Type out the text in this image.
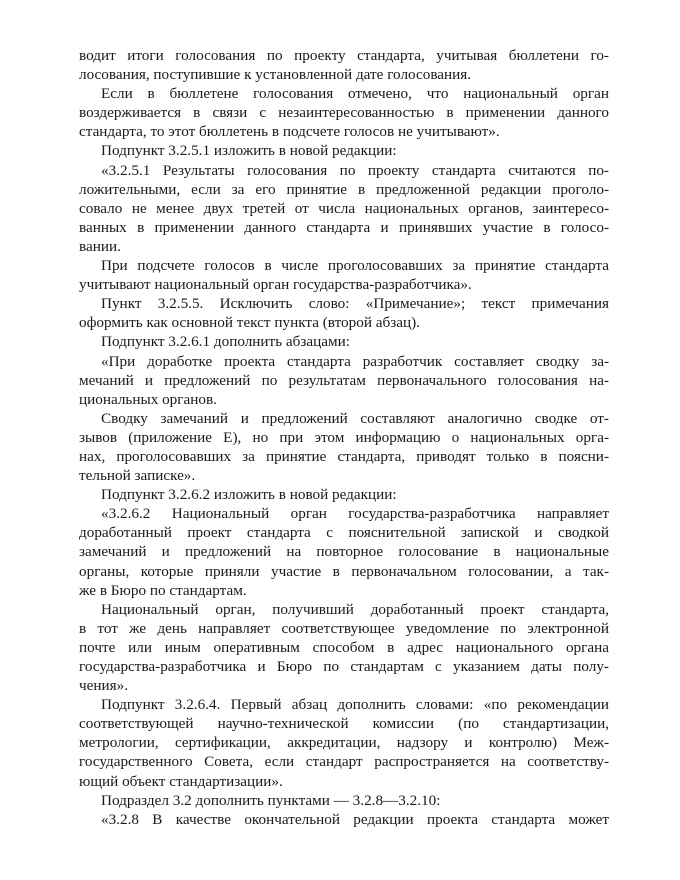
водит итоги голосования по проекту стандарта, учитывая бюллетени го-
лосования, поступившие к установленной дате голосования.
Если в бюллетене голосования отмечено, что национальный орган
воздерживается в связи с незаинтересованностью в применении данного
стандарта, то этот бюллетень в подсчете голосов не учитывают».
Подпункт 3.2.5.1 изложить в новой редакции:
«3.2.5.1 Результаты голосования по проекту стандарта считаются по-
ложительными, если за его принятие в предложенной редакции проголо-
совало не менее двух третей от числа национальных органов, заинтересо-
ванных в применении данного стандарта и принявших участие в голосо-
вании.
При подсчете голосов в числе проголосовавших за принятие стандарта
учитывают национальный орган государства-разработчика».
Пункт 3.2.5.5. Исключить слово: «Примечание»; текст примечания
оформить как основной текст пункта (второй абзац).
Подпункт 3.2.6.1 дополнить абзацами:
«При доработке проекта стандарта разработчик составляет сводку за-
мечаний и предложений по результатам первоначального голосования на-
циональных органов.
Сводку замечаний и предложений составляют аналогично сводке от-
зывов (приложение Е), но при этом информацию о национальных орга-
нах, проголосовавших за принятие стандарта, приводят только в поясни-
тельной записке».
Подпункт 3.2.6.2 изложить в новой редакции:
«3.2.6.2 Национальный орган государства-разработчика направляет
доработанный проект стандарта с пояснительной запиской и сводкой
замечаний и предложений на повторное голосование в национальные
органы, которые приняли участие в первоначальном голосовании, а так-
же в Бюро по стандартам.
Национальный орган, получивший доработанный проект стандарта,
в тот же день направляет соответствующее уведомление по электронной
почте или иным оперативным способом в адрес национального органа
государства-разработчика и Бюро по стандартам с указанием даты полу-
чения».
Подпункт 3.2.6.4. Первый абзац дополнить словами: «по рекомендации
соответствующей научно-технической комиссии (по стандартизации,
метрологии, сертификации, аккредитации, надзору и контролю) Меж-
государственного Совета, если стандарт распространяется на соответству-
ющий объект стандартизации».
Подраздел 3.2 дополнить пунктами — 3.2.8—3.2.10:
«3.2.8 В качестве окончательной редакции проекта стандарта может
